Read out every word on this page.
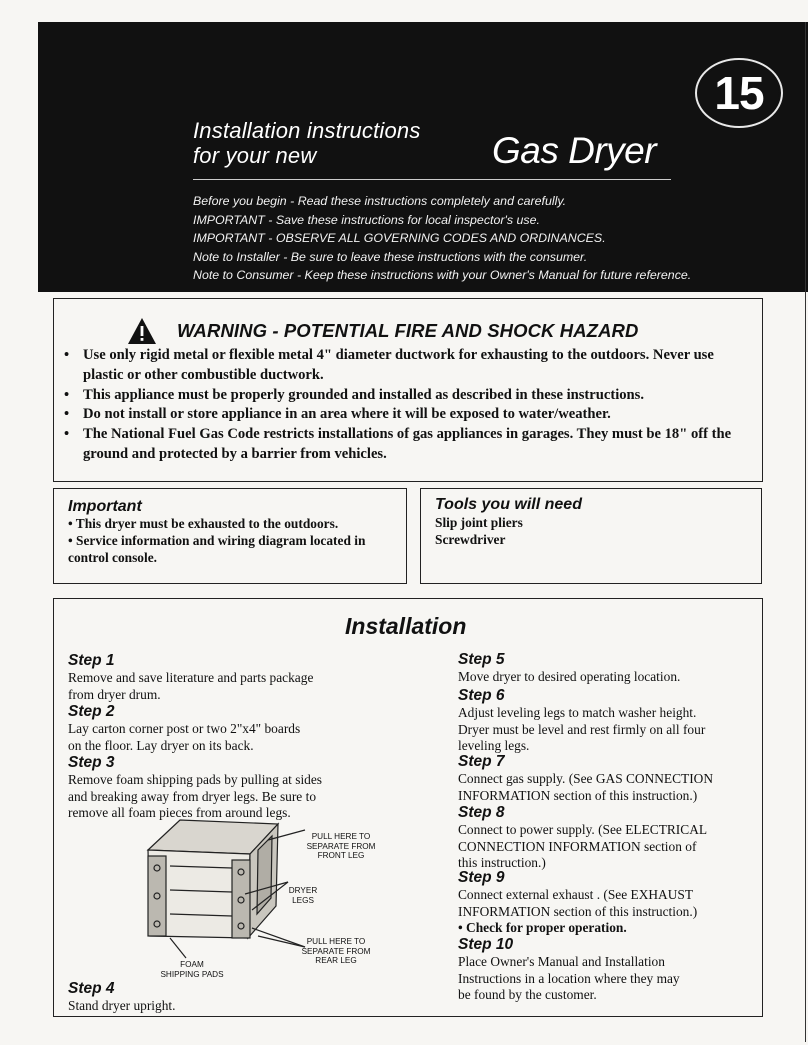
15
Installation instructions
for your new	Gas Dryer
Before you begin - Read these instructions completely and carefully.
IMPORTANT - Save these instructions for local inspector's use.
IMPORTANT - OBSERVE ALL GOVERNING CODES AND ORDINANCES.
Note to Installer - Be sure to leave these instructions with the consumer.
Note to Consumer - Keep these instructions with your Owner's Manual for future reference.
WARNING - POTENTIAL FIRE AND SHOCK HAZARD
• Use only rigid metal or flexible metal 4" diameter ductwork for exhausting to the outdoors. Never use plastic or other combustible ductwork.
• This appliance must be properly grounded and installed as described in these instructions.
• Do not install or store appliance in an area where it will be exposed to water/weather.
• The National Fuel Gas Code restricts installations of gas appliances in garages. They must be 18" off the ground and protected by a barrier from vehicles.
Important
• This dryer must be exhausted to the outdoors.
• Service information and wiring diagram located in control console.
Tools you will need
Slip joint pliers
Screwdriver
Installation
Step 1
Remove and save literature and parts package
from dryer drum.
Step 2
Lay carton corner post or two 2"x4" boards
on the floor. Lay dryer on its back.
Step 3
Remove foam shipping pads by pulling at sides
and breaking away from dryer legs. Be sure to
remove all foam pieces from around legs.
PULL HERE TO
SEPARATE FROM
FRONT LEG
DRYER
LEGS
PULL HERE TO
SEPARATE FROM
REAR LEG
FOAM
SHIPPING PADS
Step 4
Stand dryer upright.
Step 5
Move dryer to desired operating location.
Step 6
Adjust leveling legs to match washer height.
Dryer must be level and rest firmly on all four
leveling legs.
Step 7
Connect gas supply. (See GAS CONNECTION
INFORMATION section of this instruction.)
Step 8
Connect to power supply. (See ELECTRICAL
CONNECTION INFORMATION section of
this instruction.)
Step 9
Connect external exhaust . (See EXHAUST
INFORMATION section of this instruction.)
• Check for proper operation.
Step 10
Place Owner's Manual and Installation
Instructions in a location where they may
be found by the customer.
